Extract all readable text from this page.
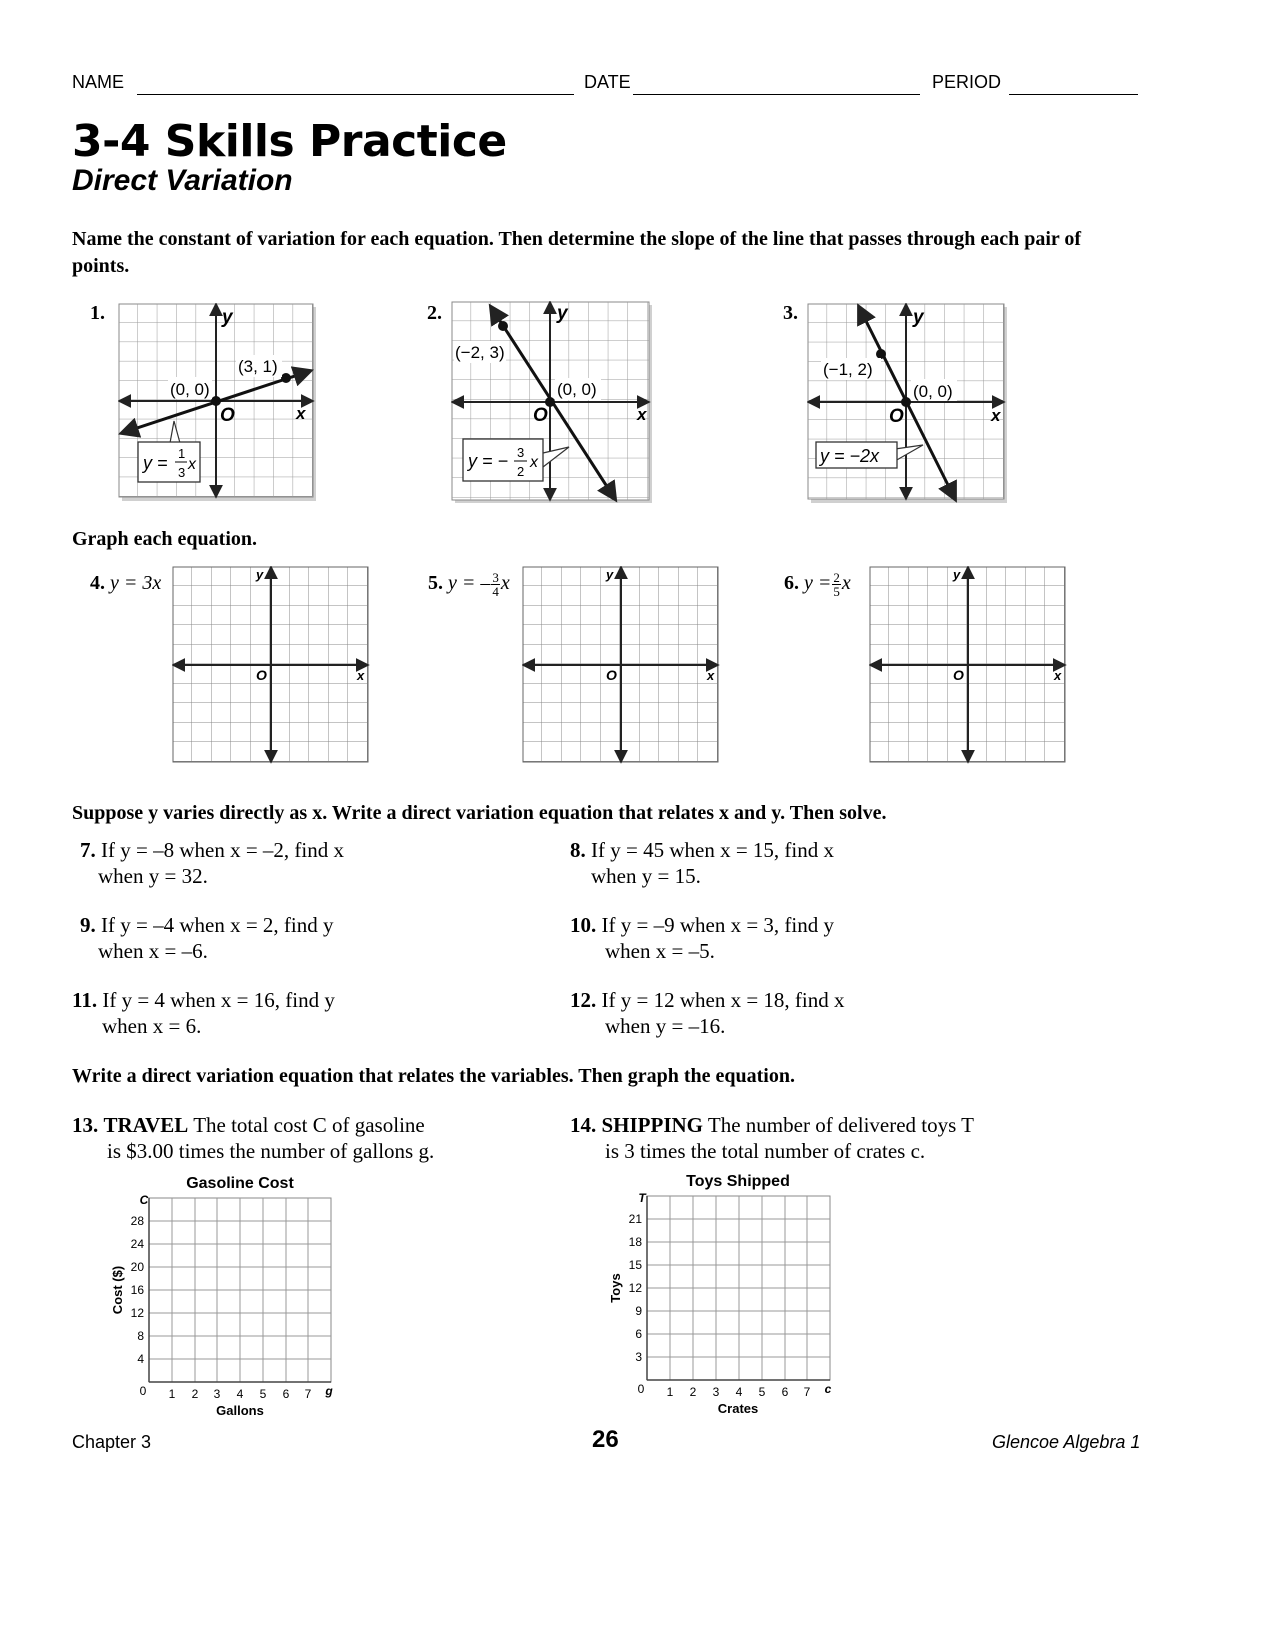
NAME	DATE	PERIOD
3-4 Skills Practice
Direct Variation
Name the constant of variation for each equation. Then determine the slope of the line that passes through each pair of points.
1.	y
x
O
(0, 0)
(3, 1)
y = 1
3 x
2.	y
x
O
(−2, 3)
(0, 0)
y = − 3
2
x
3.	y
x
O
(−1, 2)
(0, 0)
y = −2x
Graph each equation.
4. y = 3x	5. y = – $\frac{3}{4}$ x	6. $y = \frac{2}{5}$ x
y
x
O
y
x
O
y
x
O
Suppose y varies directly as x. Write a direct variation equation that relates x and y. Then solve.
7. If y = –8 when x = –2, find x
when y = 32.
8. If y = 45 when x = 15, find x
when y = 15.
9. If y = –4 when x = 2, find y
when x = –6.
10. If y = –9 when x = 3, find y
when x = –5.
11. If y = 4 when x = 16, find y
when x = 6.
12. If y = 12 when x = 18, find x
when y = –16.
Write a direct variation equation that relates the variables. Then graph the equation.
13. TRAVEL The total cost C of gasoline
is $3.00 times the number of gallons g.
14. SHIPPING The number of delivered toys T
is 3 times the total number of crates c.
Gasoline Cost
C
28
24
20
16
12
8
4
0 1 2 3 4 5 6 7 g
Gallons
Cost ($)
Toys Shipped
T
21
18
15
12
9
6
3
0 1 2 3 4 5 6 7 c
Crates
Toys
Chapter 3	26	Glencoe Algebra 1
